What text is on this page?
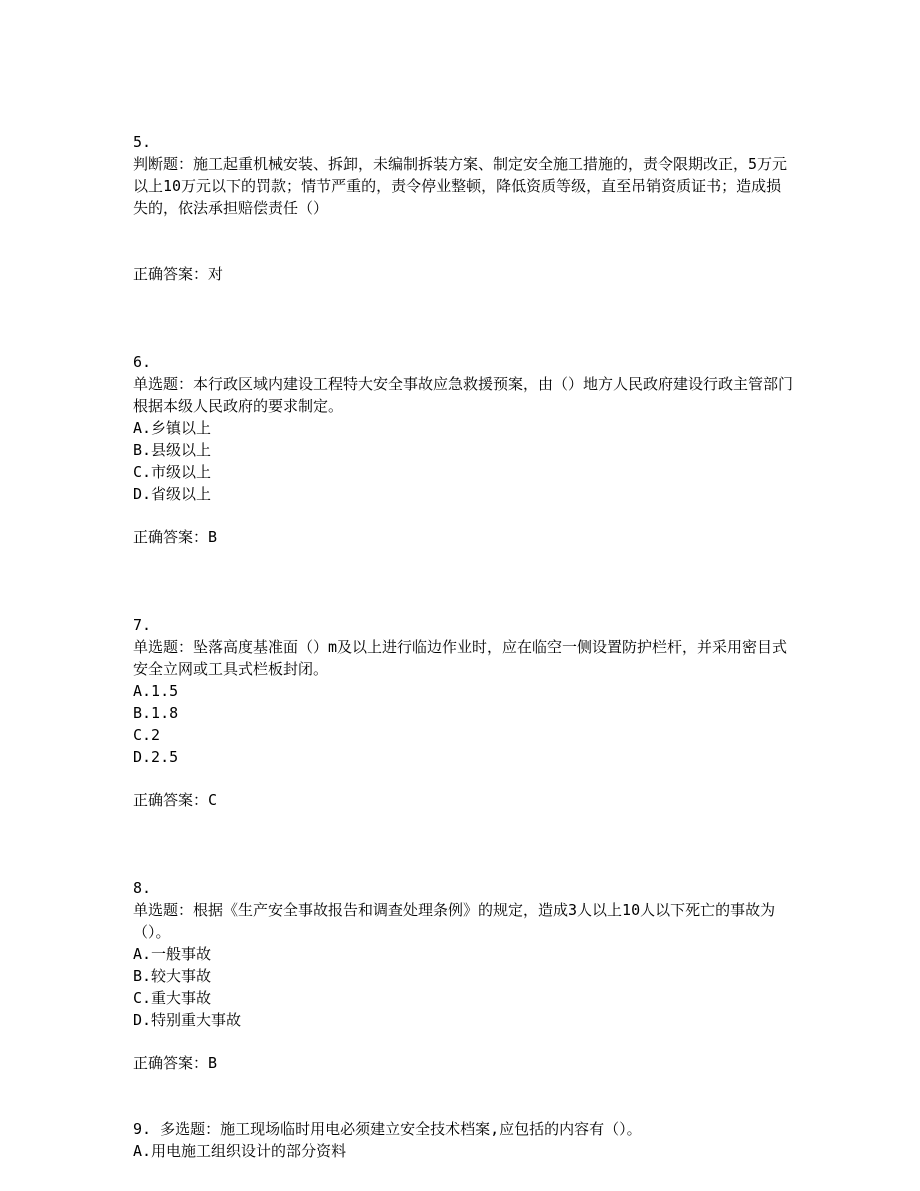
5.
判断题：施工起重机械安装、拆卸，未编制拆装方案、制定安全施工措施的，责令限期改正，5万元以上10万元以下的罚款；情节严重的，责令停业整顿，降低资质等级，直至吊销资质证书；造成损失的，依法承担赔偿责任（）
正确答案：对
6.
单选题：本行政区域内建设工程特大安全事故应急救援预案，由（）地方人民政府建设行政主管部门根据本级人民政府的要求制定。
A.乡镇以上
B.县级以上
C.市级以上
D.省级以上
正确答案：B
7.
单选题：坠落高度基准面（）m及以上进行临边作业时，应在临空一侧设置防护栏杆，并采用密目式安全立网或工具式栏板封闭。
A.1.5
B.1.8
C.2
D.2.5
正确答案：C
8.
单选题：根据《生产安全事故报告和调查处理条例》的规定，造成3人以上10人以下死亡的事故为（）。
A.一般事故
B.较大事故
C.重大事故
D.特别重大事故
正确答案：B
9. 多选题：施工现场临时用电必须建立安全技术档案,应包括的内容有（）。
A.用电施工组织设计的部分资料
